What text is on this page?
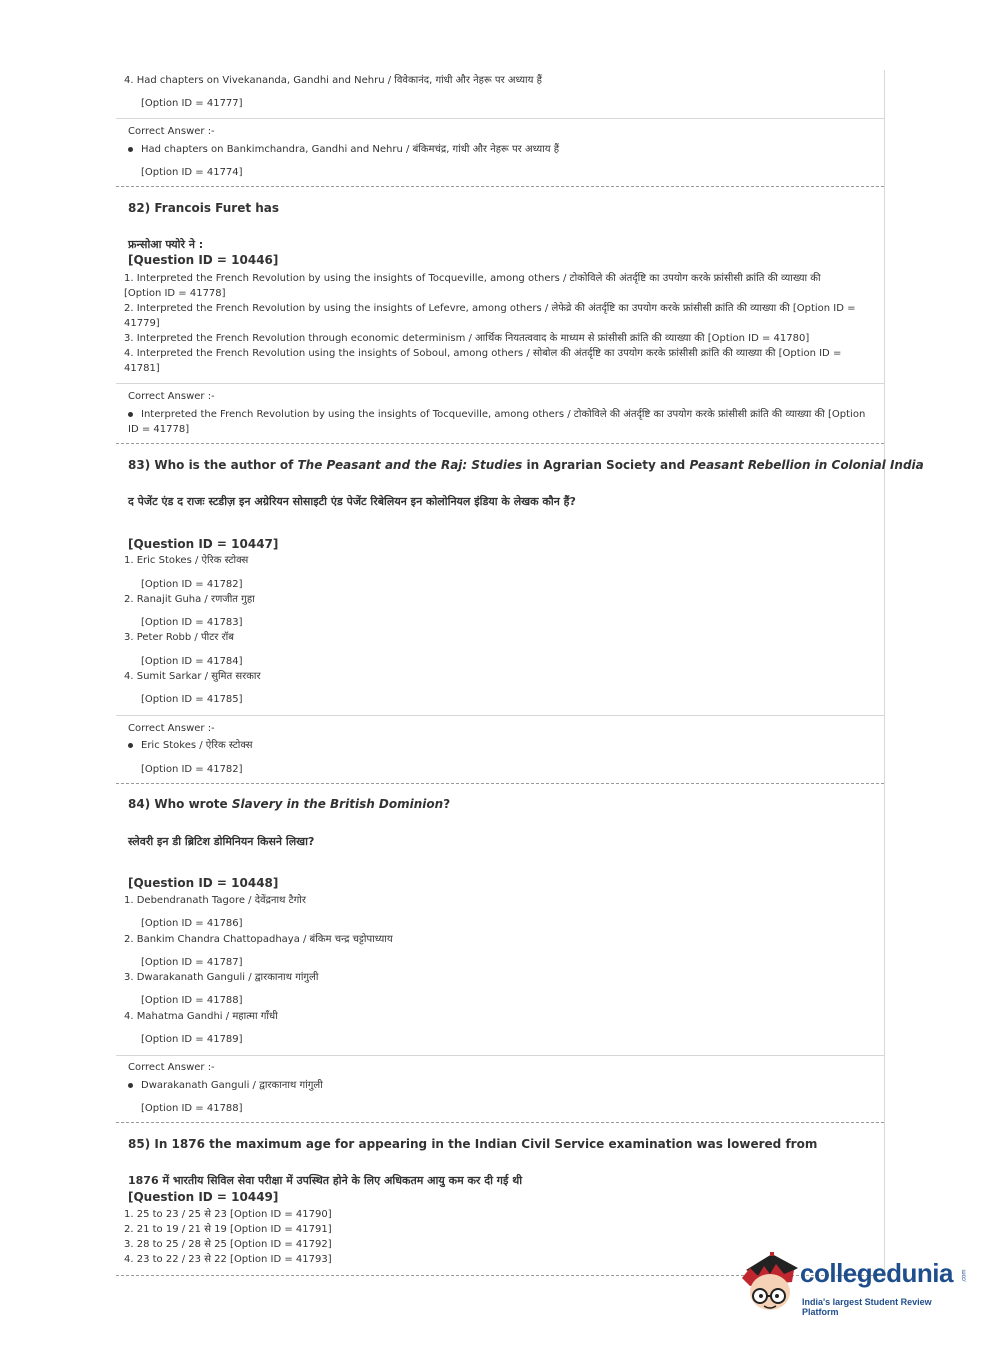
4. Had chapters on Vivekananda, Gandhi and Nehru / विवेकानंद, गांधी और नेहरू पर अध्याय हैं
[Option ID = 41777]
Correct Answer :-
Had chapters on Bankimchandra, Gandhi and Nehru / बंकिमचंद्र, गांधी और नेहरू पर अध्याय हैं
[Option ID = 41774]
82) Francois Furet has
फ्रन्सोआ फ्योरे ने :
[Question ID = 10446]
1. Interpreted the French Revolution by using the insights of Tocqueville, among others / टोकोविले की अंतर्दृष्टि का उपयोग करके फ्रांसीसी क्रांति की व्याख्या की [Option ID = 41778]
2. Interpreted the French Revolution by using the insights of Lefevre, among others / लेफेव्रे की अंतर्दृष्टि का उपयोग करके फ्रांसीसी क्रांति की व्याख्या की [Option ID = 41779]
3. Interpreted the French Revolution through economic determinism / आर्थिक नियतत्ववाद के माध्यम से फ्रांसीसी क्रांति की व्याख्या की [Option ID = 41780]
4. Interpreted the French Revolution using the insights of Soboul, among others / सोबोल की अंतर्दृष्टि का उपयोग करके फ्रांसीसी क्रांति की व्याख्या की [Option ID = 41781]
Correct Answer :-
Interpreted the French Revolution by using the insights of Tocqueville, among others / टोकोविले की अंतर्दृष्टि का उपयोग करके फ्रांसीसी क्रांति की व्याख्या की [Option ID = 41778]
83) Who is the author of The Peasant and the Raj: Studies in Agrarian Society and Peasant Rebellion in Colonial India
द पेजेंट एंड द राजः स्टडीज़ इन अग्रेरियन सोसाइटी एंड पेजेंट रिबेलियन इन कोलोनियल इंडिया के लेखक कौन हैं?
[Question ID = 10447]
1. Eric Stokes / ऐरिक स्टोक्स
[Option ID = 41782]
2. Ranajit Guha / रणजीत गुहा
[Option ID = 41783]
3. Peter Robb / पीटर रॉब
[Option ID = 41784]
4. Sumit Sarkar / सुमित सरकार
[Option ID = 41785]
Correct Answer :-
Eric Stokes / ऐरिक स्टोक्स
[Option ID = 41782]
84) Who wrote Slavery in the British Dominion?
स्लेवरी इन डी ब्रिटिश डोमिनियन किसने लिखा?
[Question ID = 10448]
1. Debendranath Tagore / देवेंद्रनाथ टैगोर
[Option ID = 41786]
2. Bankim Chandra Chattopadhaya / बंकिम चन्द्र चट्टोपाध्याय
[Option ID = 41787]
3. Dwarakanath Ganguli / द्वारकानाथ गांगुली
[Option ID = 41788]
4. Mahatma Gandhi / महात्मा गाँधी
[Option ID = 41789]
Correct Answer :-
Dwarakanath Ganguli / द्वारकानाथ गांगुली
[Option ID = 41788]
85) In 1876 the maximum age for appearing in the Indian Civil Service examination was lowered from
1876 में भारतीय सिविल सेवा परीक्षा में उपस्थित होने के लिए अधिकतम आयु कम कर दी गई थी
[Question ID = 10449]
1. 25 to 23 / 25 से 23 [Option ID = 41790]
2. 21 to 19 / 21 से 19 [Option ID = 41791]
3. 28 to 25 / 28 से 25 [Option ID = 41792]
4. 23 to 22 / 23 से 22 [Option ID = 41793]	collegedunia .com
India's largest Student Review Platform
